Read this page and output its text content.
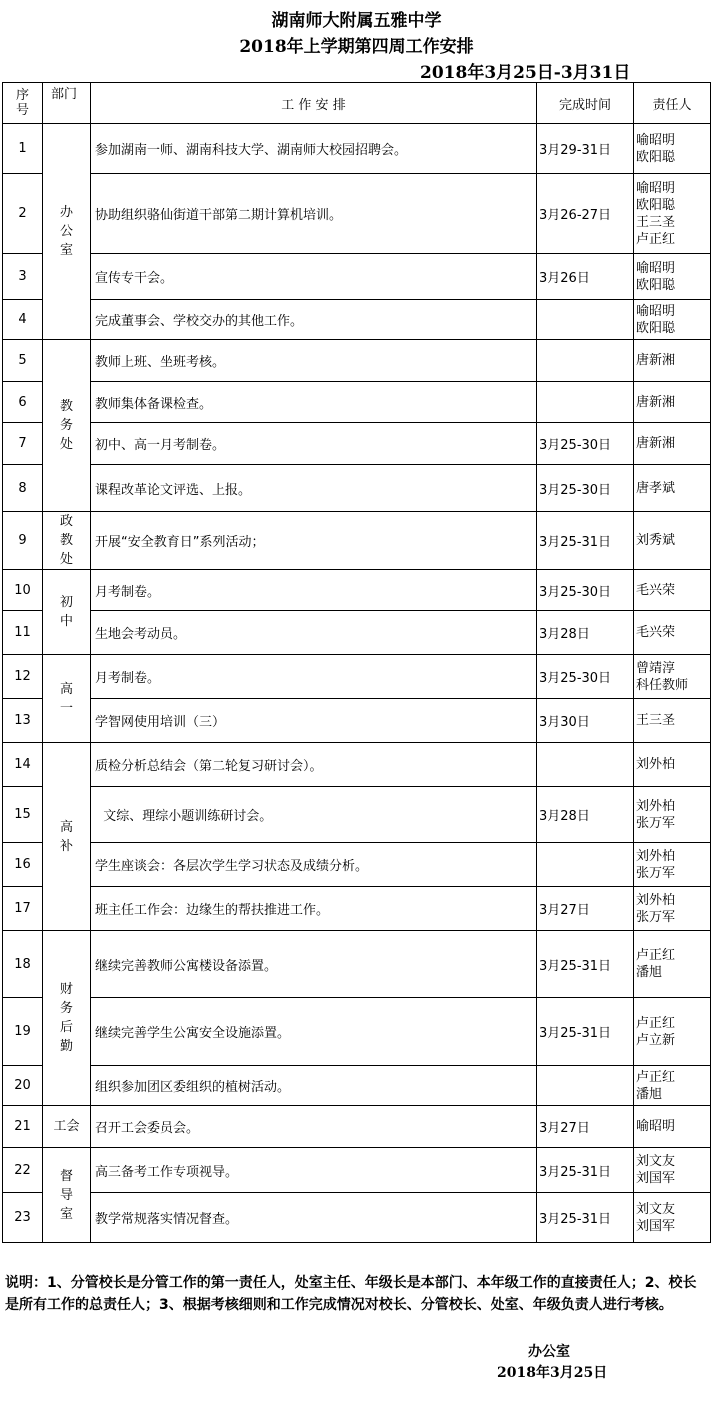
湖南师大附属五雅中学
2018年上学期第四周工作安排
2018年3月25日-3月31日
序号	部门	工 作 安 排	完成时间	责任人
1	办
公
室	参加湖南一师、湖南科技大学、湖南师大校园招聘会。	3月29-31日	喻昭明
欧阳聪
2		协助组织骆仙街道干部第二期计算机培训。	3月26-27日	喻昭明
欧阳聪
王三圣
卢正红
3		宣传专干会。	3月26日	喻昭明
欧阳聪
4		完成董事会、学校交办的其他工作。		喻昭明
欧阳聪
5	教
务
处	教师上班、坐班考核。		唐新湘
6		教师集体备课检查。		唐新湘
7		初中、高一月考制卷。	3月25-30日	唐新湘
8		课程改革论文评选、上报。	3月25-30日	唐孝斌
9	政
教
处	开展“安全教育日”系列活动；	3月25-31日	刘秀斌
10	初
中	月考制卷。	3月25-30日	毛兴荣
11		生地会考动员。	3月28日	毛兴荣
12	高
一	月考制卷。	3月25-30日	曾靖淳
科任教师
13		学智网使用培训（三）	3月30日	王三圣
14	高
补	质检分析总结会（第二轮复习研讨会）。		刘外柏
15		文综、理综小题训练研讨会。	3月28日	刘外柏
张万军
16		学生座谈会：各层次学生学习状态及成绩分析。		刘外柏
张万军
17		班主任工作会：边缘生的帮扶推进工作。	3月27日	刘外柏
张万军
18	财
务
后
勤	继续完善教师公寓楼设备添置。	3月25-31日	卢正红
潘旭
19		继续完善学生公寓安全设施添置。	3月25-31日	卢正红
卢立新
20		组织参加团区委组织的植树活动。		卢正红
潘旭
21	工会	召开工会委员会。	3月27日	喻昭明
22	督
导
室	高三备考工作专项视导。	3月25-31日	刘文友
刘国军
23		教学常规落实情况督查。	3月25-31日	刘文友
刘国军
说明：1、分管校长是分管工作的第一责任人，处室主任、年级长是本部门、本年级工作的直接责任人；2、校长是所有工作的总责任人；3、根据考核细则和工作完成情况对校长、分管校长、处室、年级负责人进行考核。
办公室
2018年3月25日
